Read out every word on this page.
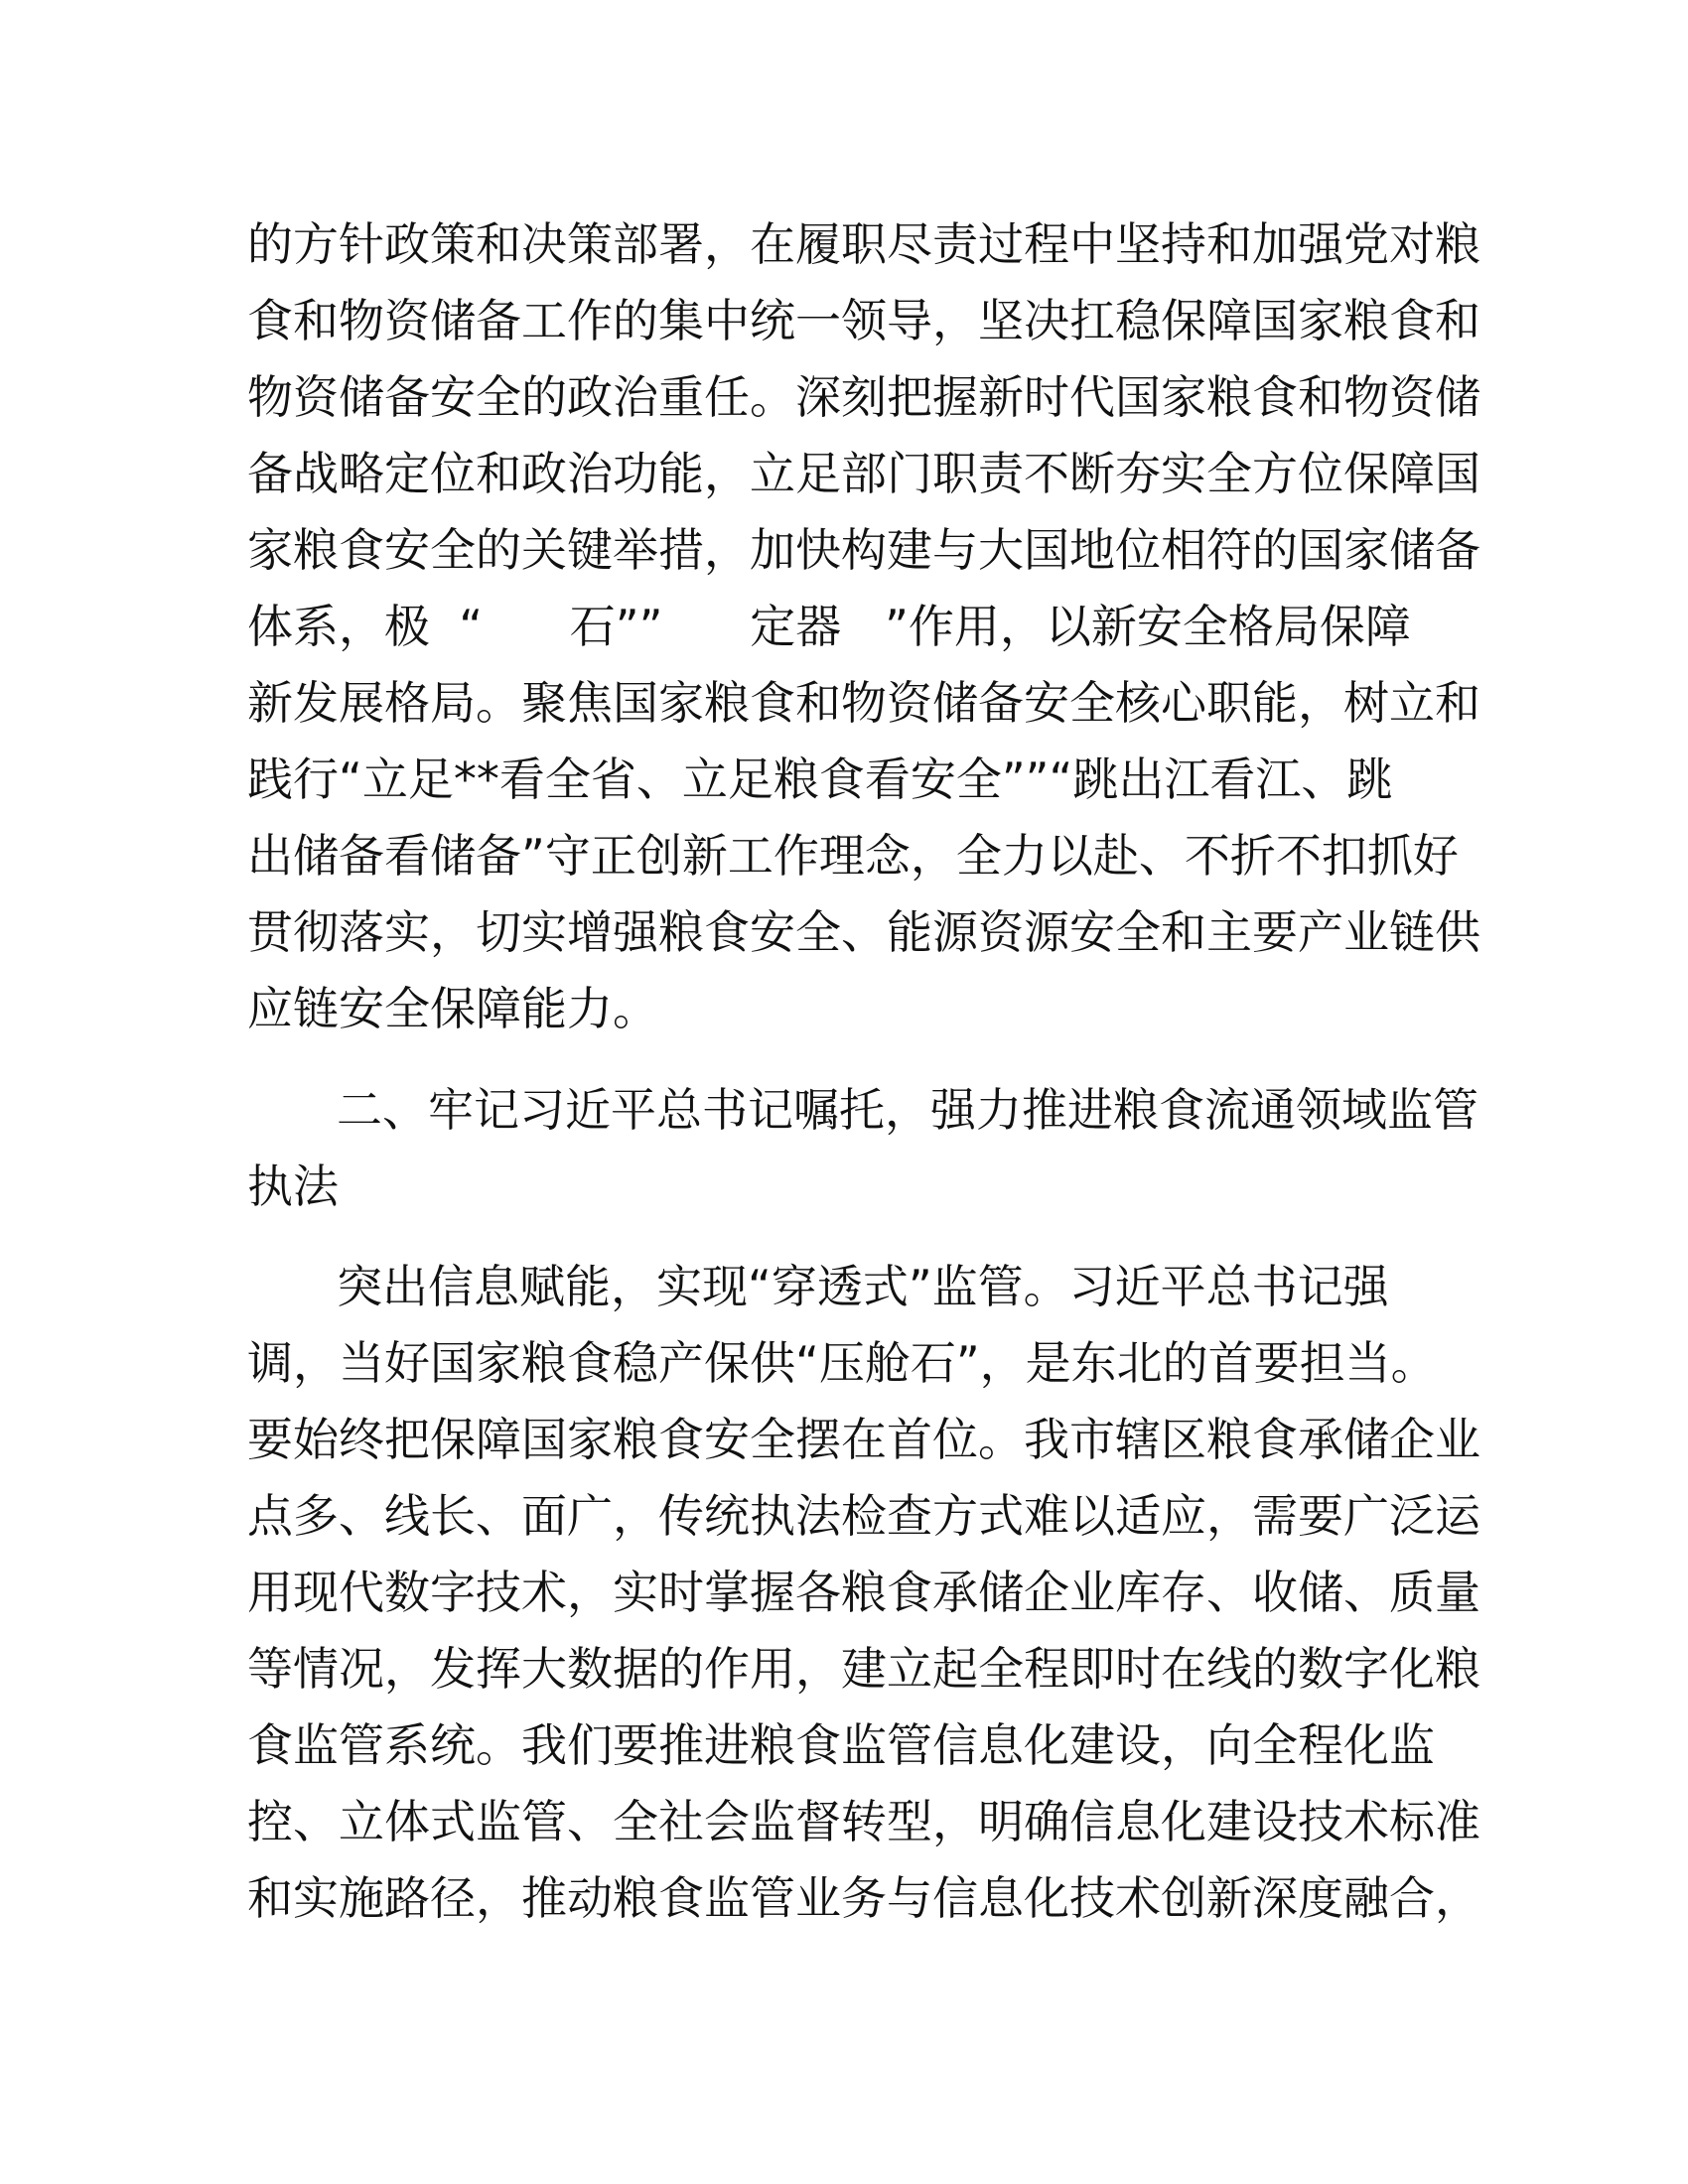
的方针政策和决策部署，在履职尽责过程中坚持和加强党对粮
食和物资储备工作的集中统一领导，坚决扛稳保障国家粮食和
物资储备安全的政治重任。深刻把握新时代国家粮食和物资储
备战略定位和政治功能，立足部门职责不断夯实全方位保障国
家粮食安全的关键举措，加快构建与大国地位相符的国家储备
体系，极  “      石””      定器   ”作用，以新安全格局保障
新发展格局。聚焦国家粮食和物资储备安全核心职能，树立和
践行“立足**看全省、立足粮食看安全””“跳出江看江、跳
出储备看储备”守正创新工作理念，全力以赴、不折不扣抓好
贯彻落实，切实增强粮食安全、能源资源安全和主要产业链供
应链安全保障能力。
二、牢记习近平总书记嘱托，强力推进粮食流通领域监管
执法
突出信息赋能，实现“穿透式”监管。习近平总书记强
调，当好国家粮食稳产保供“压舱石”，是东北的首要担当。
要始终把保障国家粮食安全摆在首位。我市辖区粮食承储企业
点多、线长、面广，传统执法检查方式难以适应，需要广泛运
用现代数字技术，实时掌握各粮食承储企业库存、收储、质量
等情况，发挥大数据的作用，建立起全程即时在线的数字化粮
食监管系统。我们要推进粮食监管信息化建设，向全程化监
控、立体式监管、全社会监督转型，明确信息化建设技术标准
和实施路径，推动粮食监管业务与信息化技术创新深度融合，
